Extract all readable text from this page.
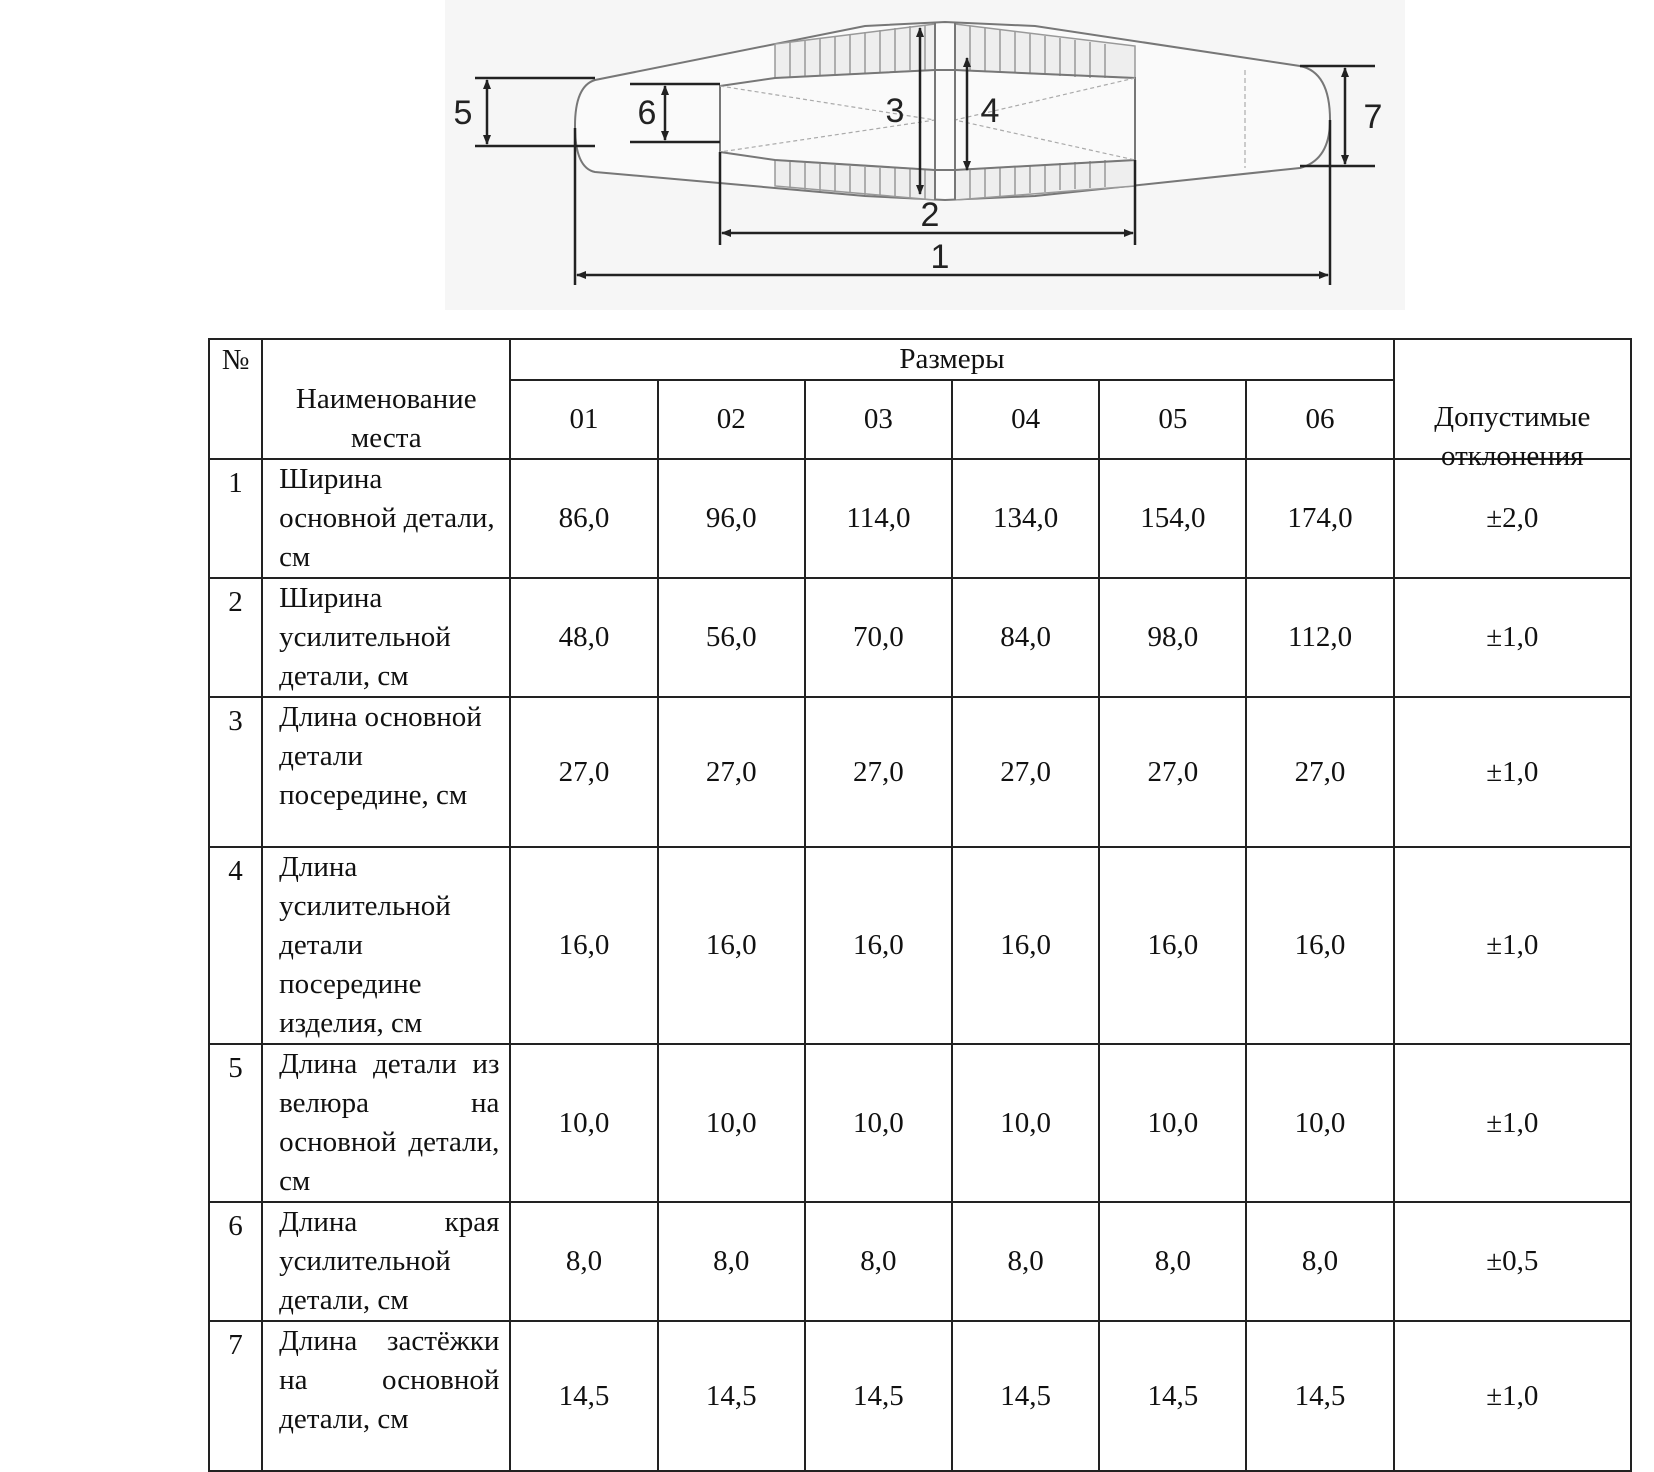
1
2
3 4
5	6	7
№		Размеры						
	Наименование места	01	02	03	04	05	06	Допустимые отклонения

1	Ширина основной детали, см	86,0	96,0	114,0	134,0	154,0	174,0	±2,0
2	Ширина усилительной детали, см	48,0	56,0	70,0	84,0	98,0	112,0	±1,0
3	Длина основной детали посередине, см	27,0	27,0	27,0	27,0	27,0	27,0	±1,0
4	Длина усилительной детали посередине изделия, см	16,0	16,0	16,0	16,0	16,0	16,0	±1,0
5	Длина детали из велюра на основной детали, см	10,0	10,0	10,0	10,0	10,0	10,0	±1,0
6	Длина края усилительной детали, см	8,0	8,0	8,0	8,0	8,0	8,0	±0,5
7	Длина застёжки на основной детали, см	14,5	14,5	14,5	14,5	14,5	14,5	±1,0
